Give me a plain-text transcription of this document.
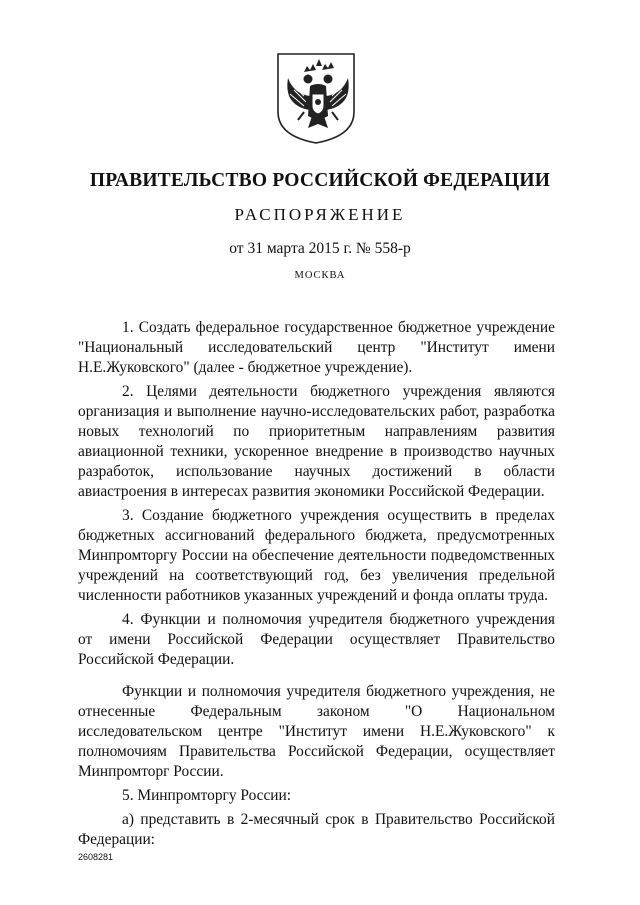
ПРАВИТЕЛЬСТВО РОССИЙСКОЙ ФЕДЕРАЦИИ
РАСПОРЯЖЕНИЕ
от 31 марта 2015 г. № 558-р
МОСКВА

1. Создать федеральное государственное бюджетное учреждение "Национальный исследовательский центр "Институт имени Н.Е.Жуковского" (далее - бюджетное учреждение).

2. Целями деятельности бюджетного учреждения являются организация и выполнение научно-исследовательских работ, разработка новых технологий по приоритетным направлениям развития авиационной техники, ускоренное внедрение в производство научных разработок, использование научных достижений в области авиастроения в интересах развития экономики Российской Федерации.

3. Создание бюджетного учреждения осуществить в пределах бюджетных ассигнований федерального бюджета, предусмотренных Минпромторгу России на обеспечение деятельности подведомственных учреждений на соответствующий год, без увеличения предельной численности работников указанных учреждений и фонда оплаты труда.

4. Функции и полномочия учредителя бюджетного учреждения от имени Российской Федерации осуществляет Правительство Российской Федерации.

Функции и полномочия учредителя бюджетного учреждения, не отнесенные Федеральным законом "О Национальном исследовательском центре "Институт имени Н.Е.Жуковского" к полномочиям Правительства Российской Федерации, осуществляет Минпромторг России.

5. Минпромторгу России:

а) представить в 2-месячный срок в Правительство Российской Федерации:

2608281
